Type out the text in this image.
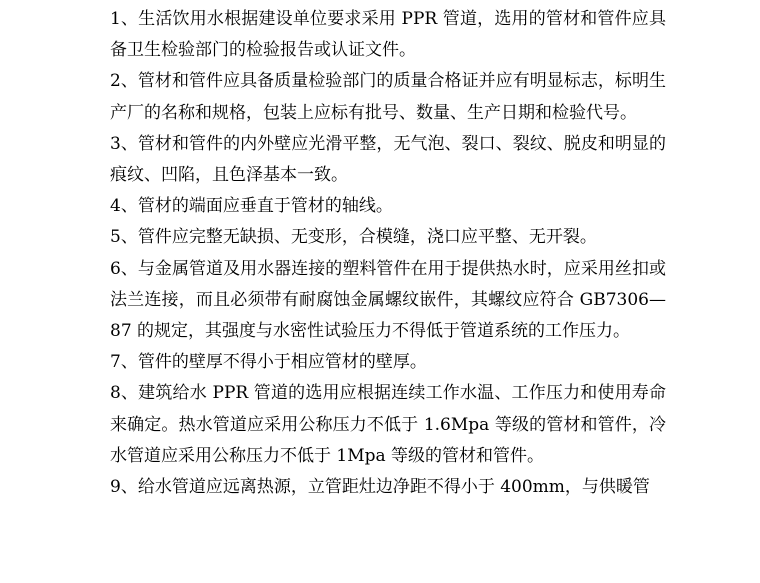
1、生活饮用水根据建设单位要求采用 PPR 管道，选用的管材和管件应具备卫生检验部门的检验报告或认证文件。

2、管材和管件应具备质量检验部门的质量合格证并应有明显标志，标明生产厂的名称和规格，包装上应标有批号、数量、生产日期和检验代号。

3、管材和管件的内外壁应光滑平整，无气泡、裂口、裂纹、脱皮和明显的痕纹、凹陷，且色泽基本一致。

4、管材的端面应垂直于管材的轴线。

5、管件应完整无缺损、无变形，合模缝，浇口应平整、无开裂。

6、与金属管道及用水器连接的塑料管件在用于提供热水时，应采用丝扣或法兰连接，而且必须带有耐腐蚀金属螺纹嵌件，其螺纹应符合 GB7306—87 的规定，其强度与水密性试验压力不得低于管道系统的工作压力。

7、管件的壁厚不得小于相应管材的壁厚。

8、建筑给水 PPR 管道的选用应根据连续工作水温、工作压力和使用寿命来确定。热水管道应采用公称压力不低于 1.6Mpa 等级的管材和管件，冷水管道应采用公称压力不低于 1Mpa 等级的管材和管件。

9、给水管道应远离热源，立管距灶边净距不得小于 400mm，与供暖管
